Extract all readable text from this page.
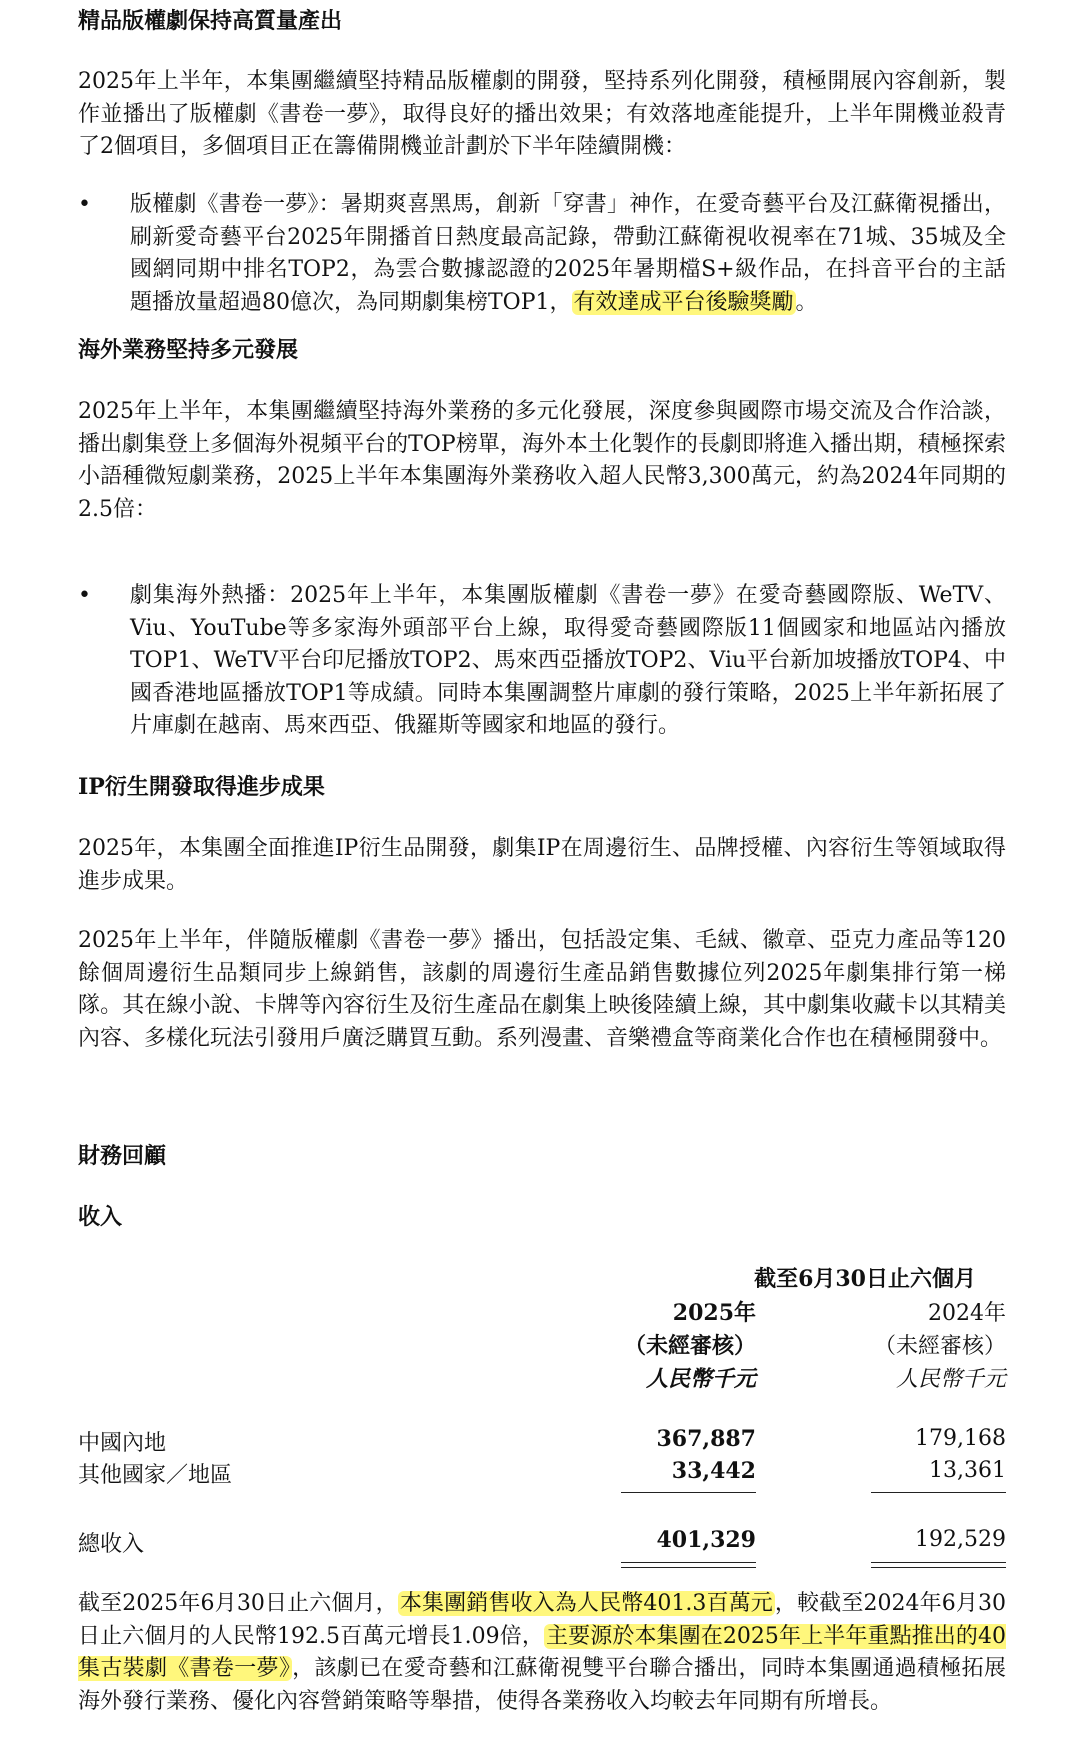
精品版權劇保持高質量產出

2025年上半年，本集團繼續堅持精品版權劇的開發，堅持系列化開發，積極開展內容創新，製作並播出了版權劇《書卷一夢》，取得良好的播出效果；有效落地產能提升，上半年開機並殺青了2個項目，多個項目正在籌備開機並計劃於下半年陸續開機：

• 版權劇《書卷一夢》：暑期爽喜黑馬，創新「穿書」神作，在愛奇藝平台及江蘇衛視播出，刷新愛奇藝平台2025年開播首日熱度最高記錄，帶動江蘇衛視收視率在71城、35城及全國網同期中排名TOP2，為雲合數據認證的2025年暑期檔S+級作品，在抖音平台的主話題播放量超過80億次，為同期劇集榜TOP1，有效達成平台後驗獎勵。

海外業務堅持多元發展

2025年上半年，本集團繼續堅持海外業務的多元化發展，深度參與國際市場交流及合作洽談，播出劇集登上多個海外視頻平台的TOP榜單，海外本土化製作的長劇即將進入播出期，積極探索小語種微短劇業務，2025上半年本集團海外業務收入超人民幣3,300萬元，約為2024年同期的2.5倍：

• 劇集海外熱播：2025年上半年，本集團版權劇《書卷一夢》在愛奇藝國際版、WeTV、Viu、YouTube等多家海外頭部平台上線，取得愛奇藝國際版11個國家和地區站內播放TOP1、WeTV平台印尼播放TOP2、馬來西亞播放TOP2、Viu平台新加坡播放TOP4、中國香港地區播放TOP1等成績。同時本集團調整片庫劇的發行策略，2025上半年新拓展了片庫劇在越南、馬來西亞、俄羅斯等國家和地區的發行。

IP衍生開發取得進步成果

2025年，本集團全面推進IP衍生品開發，劇集IP在周邊衍生、品牌授權、內容衍生等領域取得進步成果。

2025年上半年，伴隨版權劇《書卷一夢》播出，包括設定集、毛絨、徽章、亞克力產品等120餘個周邊衍生品類同步上線銷售，該劇的周邊衍生產品銷售數據位列2025年劇集排行第一梯隊。其在線小說、卡牌等內容衍生及衍生產品在劇集上映後陸續上線，其中劇集收藏卡以其精美內容、多樣化玩法引發用戶廣泛購買互動。系列漫畫、音樂禮盒等商業化合作也在積極開發中。

財務回顧
收入
截至6月30日止六個月
2025年	2024年
（未經審核）	（未經審核）
人民幣千元	人民幣千元
中國內地	367,887	179,168
其他國家／地區	33,442	13,361
總收入	401,329	192,529

截至2025年6月30日止六個月，本集團銷售收入為人民幣401.3百萬元，較截至2024年6月30日止六個月的人民幣192.5百萬元增長1.09倍，主要源於本集團在2025年上半年重點推出的40集古裝劇《書卷一夢》，該劇已在愛奇藝和江蘇衛視雙平台聯合播出，同時本集團通過積極拓展海外發行業務、優化內容營銷策略等舉措，使得各業務收入均較去年同期有所增長。
